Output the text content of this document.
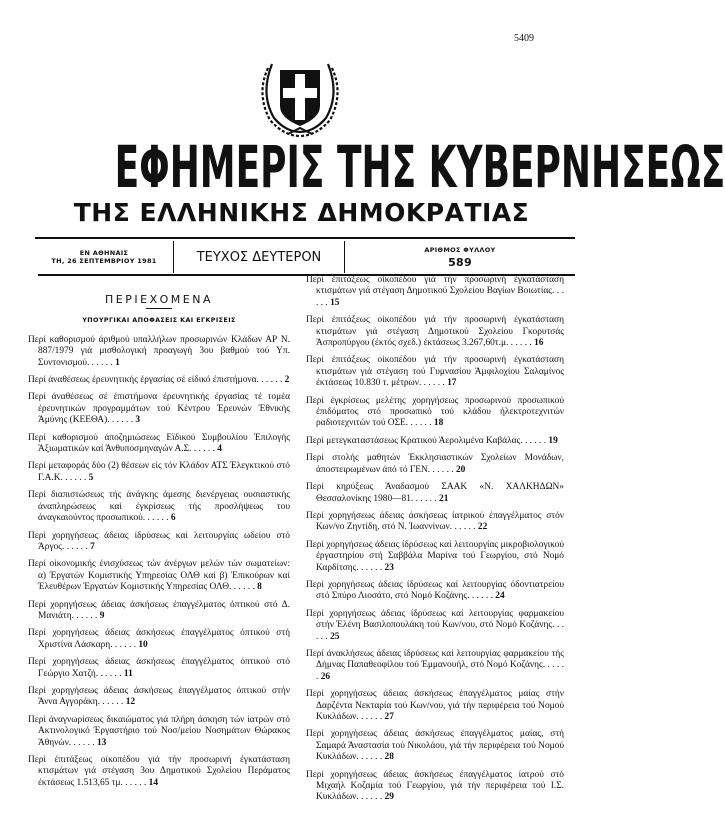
5409
ΕΦΗΜΕΡΙΣ ΤΗΣ ΚΥΒΕΡΝΗΣΕΩΣ
ΤΗΣ ΕΛΛΗΝΙΚΗΣ ΔΗΜΟΚΡΑΤΙΑΣ
ΕΝ ΑΘΗΝΑΙΣ
ΤΗ, 26 ΣΕΠΤΕΜΒΡΙΟΥ 1981	ΤΕΥΧΟΣ ΔΕΥΤΕΡΟΝ	ΑΡΙΘΜΟΣ ΦΥΛΛΟΥ
589
ΠΕΡΙΕΧΟΜΕΝΑ
ΥΠΟΥΡΓΙΚΑΙ ΑΠΟΦΑΣΕΙΣ ΚΑΙ ΕΓΚΡΙΣΕΙΣ
Περί καθορισμού άριθμού υπαλλήλων προσωρινών Κλάδων ΑΡ Ν. 887/1979 γιά μισθολογική προαγωγή 3ου βαθμού τού Υπ. Συντονισμού. . . . . . 1
Περί άναθέσεως έρευνητικής έργασίας σέ είδικό έπιστήμονα. . . . . . 2
Περί άναθέσεως σέ έπιστήμονα έρευνητικής έργασίας τέ τομέα έρευνητικών προγραμμάτων τού Κέντρου Έρευνών Έθνικής Άμύνης (ΚΕΕΘΑ). . . . . . 3
Περί καθορισμού άποζημιώσεως Εϊδικού Συμβουλίου Έπιλογής Άξιωματικών καί Άνθυποσμηναγών Α.Σ. . . . . . 4
Περί μεταφοράς δύο (2) θέσεων είς τόν Κλάδον ΑΤΣ Έλεγκτικού στό Γ.Α.Κ. . . . . . 5
Περί διαπιστώσεως τής άνάγκης άμεσης διενέργειας ουσιαστικής άναπληρώσεως καί έγκρίσεως τής προσλήψεως του άναγκαιούντος προσωπικού. . . . . . 6
Περί χορηγήσεως άδειας ίδρύσεως καί λειτουργίας ωδείου στό Άργος. . . . . . 7
Περί οίκονομικής ένισχύσεως τών άνέργων μελών τών σωματείων: α) Έργατών Κομιστικής Υπηρεσίας ΟΛΘ καί β) Έπικούρων καί Έλευθέρων Έργατών Κομιστικής Υπηρεσίας ΟΛΘ. . . . . . 8
Περί χορηγήσεως άδειας άσκήσεως έπαγγέλματος όπτικού στό Δ. Μανιάτη. . . . . . 9
Περί χορηγήσεως άδειας άσκήσεως έπαγγέλματος όπτικού στή Χριστίνα Λάσκαρη. . . . . . 10
Περί χορηγήσεως άδειας άσκήσεως έπαγγέλματος όπτικού στό Γεώργιο Χατζή. . . . . . 11
Περί χορηγήσεως άδειας άσκήσεως έπαγγέλματος όπτικού στήν Άννα Αγγοράκη. . . . . . 12
Περί άναγνωρίσεως δικαιώματος γιά πλήρη άσκηση τών ίατρών στό Ακτινολογικό Έργαστήριο τού Νοσ/μείου Νοσημάτων Θώρακος Άθηνών. . . . . . 13
Περί έπιτάξεως οίκοπέδου γιά τήν προσωρινή έγκατάσταση κτισμάτων γιά στέγαση 3ου Δημοτικού Σχολείου Περάματος έκτάσεως 1.513,65 τμ. . . . . . 14
Περί έπιτάξεως οίκοπέδου γιά τήν προσωρινή έγκατάσταση κτισμάτων γιά στέγαση Δημοτικού Σχολείου Βαγίων Βοιωτίας. . . . . . 15
Περί έπιτάξεως οίκοπέδου γιά τήν προσωρινή έγκατάσταση κτισμάτων γιά στέγαση Δημοτικού Σχολείου Γκορυτσάς Άσπροπύργου (έκτός σχεδ.) έκτάσεως 3.267,60τ.μ. . . . . . 16
Περί έπιτάξεως οίκοπέδου γιά τήν προσωρινή έγκατάσταση κτισμάτων γιά στέγαση τού Γυμνασίου Άμφιλοχίου Σαλαμίνος έκτάσεως 10.830 τ. μέτρων. . . . . . 17
Περί έγκρίσεως μελέτης χορηγήσεως προσωρινού προσωπικού έπιδόματος στό προσωπικό τού κλάδου ήλεκτροτεχνιτών ραδιοτεχνιτών τού ΟΣΕ. . . . . . 18
Περί μετεγκαταστάσεως Κρατικού Άερολιμένα Καβάλας. . . . . . 19
Περί στολής μαθητών Έκκλησιαστικών Σχολείων Μονάδων, άποστειρωμένων άπό τό ΓΕΝ. . . . . . 20
Περί κηρύξεως Άναδασμού ΣΑΑΚ «Ν. ΧΑΛΚΗΔΩΝ» Θεσσαλονίκης 1980—81. . . . . . 21
Περί χορηγήσεως άδειας άσκήσεως ίατρικού έπαγγέλματος στόν Κων/νο Ζηντίδη, στό Ν. Ίωαννίνων. . . . . . 22
Περί χορηγήσεως άδειας ίδρύσεως καί λειτουργίας μικροβιολογικού έργαστηρίου στή Σαββάλα Μαρίνα τού Γεωργίου, στό Νομό Καρδίτσης. . . . . . 23
Περί χορηγήσεως άδειας ίδρύσεως καί λειτουργίας όδοντιατρείου στό Σπύρο Λιοσάτο, στό Νομό Κοζάνης. . . . . . 24
Περί χορηγήσεως άδειας ίδρύσεως καί λειτουργίας φαρμακείου στήν Έλένη Βασιλοπουλάκη τού Κων/νου, στό Νομό Κοζάνης. . . . . . 25
Περί άνακλήσεως άδειας ίδρύσεως καί λειτουργίας φαρμακείου τής Δήμνας Παπαθεοφίλου τού Έμμανουήλ, στό Νομό Κοζάνης. . . . . . 26
Περί χορηγήσεως άδειας άσκήσεως έπαγγέλματος μαίας στήν Δαρζέντα Νεκταρία τού Κων/νου, γιά τήν περιφέρεια τού Νομού Κυκλάδων. . . . . . 27
Περί χορηγήσεως άδειας άσκήσεως έπαγγέλματος μαίας, στή Σαμαρά Άναστασία τού Νικολάου, γιά τήν περιφέρεια τού Νομού Κυκλάδων. . . . . . 28
Περί χορηγήσεως άδειας άσκήσεως έπαγγέλματος ίατρού στό Μιχαήλ Κοζαμία τού Γεωργίου, γιά τήν περιφέρεια τού Ι.Σ. Κυκλάδων. . . . . . 29
